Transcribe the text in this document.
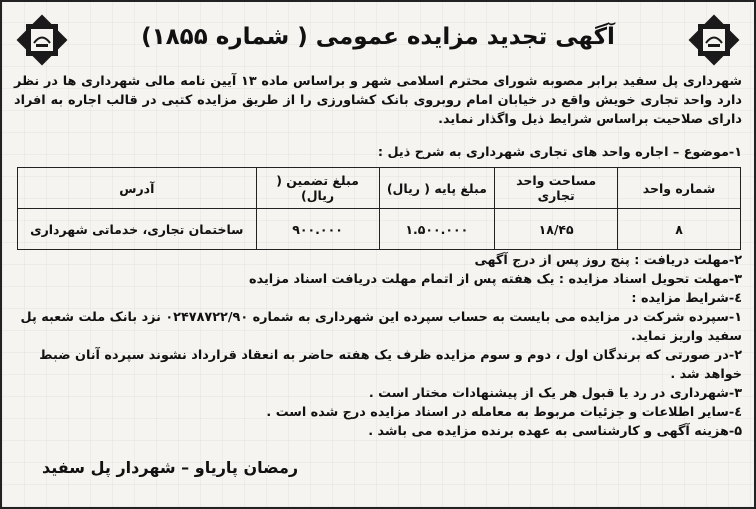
آگهی تجدید مزایده عمومی ( شماره ۱۸۵۵)
شهرداری پل سفید برابر مصوبه شورای محترم اسلامی شهر و براساس ماده ۱۳ آیین نامه مالی شهرداری ها در نظر دارد واحد تجاری خویش واقع در خیابان امام روبروی بانک کشاورزی را از طریق مزایده کتبی در قالب اجاره به افراد دارای صلاحیت براساس شرایط ذیل واگذار نماید.
۱-موضوع – اجاره واحد های تجاری شهرداری به شرح ذیل :
شماره واحد	مساحت واحد تجاری	مبلغ پایه ( ریال)	مبلغ تضمین ( ریال)	آدرس
۸	۱۸/۴۵	۱.۵۰۰.۰۰۰	۹۰۰.۰۰۰	ساختمان تجاری، خدماتی شهرداری

۲-مهلت دریافت : پنج روز پس از درج آگهی

۳-مهلت تحویل اسناد مزایده : یک هفته پس از اتمام مهلت دریافت اسناد مزایده

٤-شرایط مزایده :

۱-سپرده شرکت در مزایده می بایست به حساب سپرده این شهرداری به شماره ۰۲۴۷۸۷۲۲/۹۰ نزد بانک ملت شعبه پل سفید واریز نماید.

۲-در صورتی که برندگان اول ، دوم و سوم مزایده ظرف یک هفته حاضر به انعقاد قرارداد نشوند سپرده آنان ضبط خواهد شد .

۳-شهرداری در رد یا قبول هر یک از پیشنهادات مختار است .

٤-سایر اطلاعات و جزئیات مربوط به معامله در اسناد مزایده درج شده است .

۵-هزینه آگهی و کارشناسی به عهده برنده مزایده می باشد .

رمضان پاریاو – شهردار پل سفید
